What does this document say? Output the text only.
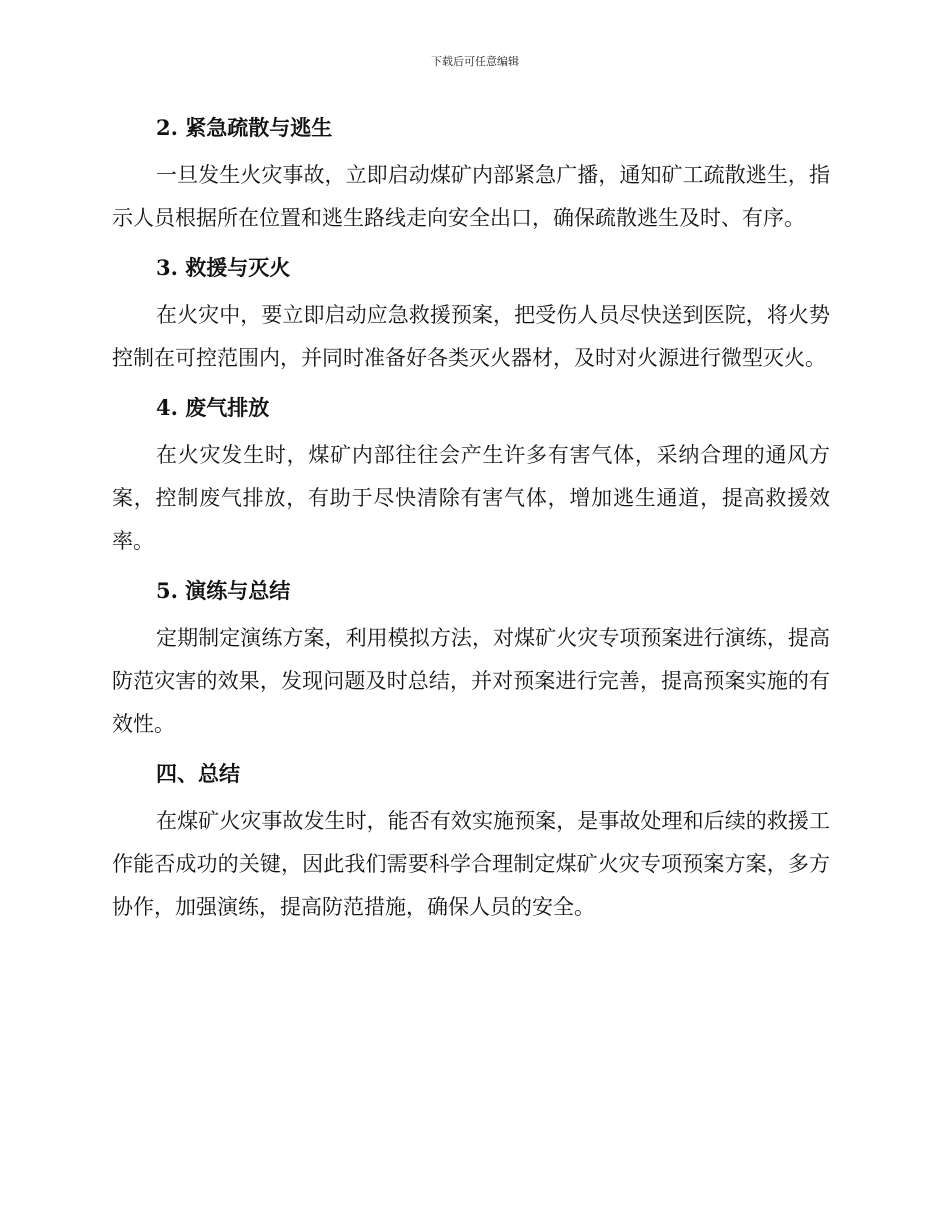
下载后可任意编辑
2. 紧急疏散与逃生

一旦发生火灾事故，立即启动煤矿内部紧急广播，通知矿工疏散逃生，指示人员根据所在位置和逃生路线走向安全出口，确保疏散逃生及时、有序。

3. 救援与灭火

在火灾中，要立即启动应急救援预案，把受伤人员尽快送到医院，将火势控制在可控范围内，并同时准备好各类灭火器材，及时对火源进行微型灭火。

4. 废气排放

在火灾发生时，煤矿内部往往会产生许多有害气体，采纳合理的通风方案，控制废气排放，有助于尽快清除有害气体，增加逃生通道，提高救援效率。

5. 演练与总结

定期制定演练方案，利用模拟方法，对煤矿火灾专项预案进行演练，提高防范灾害的效果，发现问题及时总结，并对预案进行完善，提高预案实施的有效性。

四、总结

在煤矿火灾事故发生时，能否有效实施预案，是事故处理和后续的救援工作能否成功的关键，因此我们需要科学合理制定煤矿火灾专项预案方案，多方协作，加强演练，提高防范措施，确保人员的安全。
